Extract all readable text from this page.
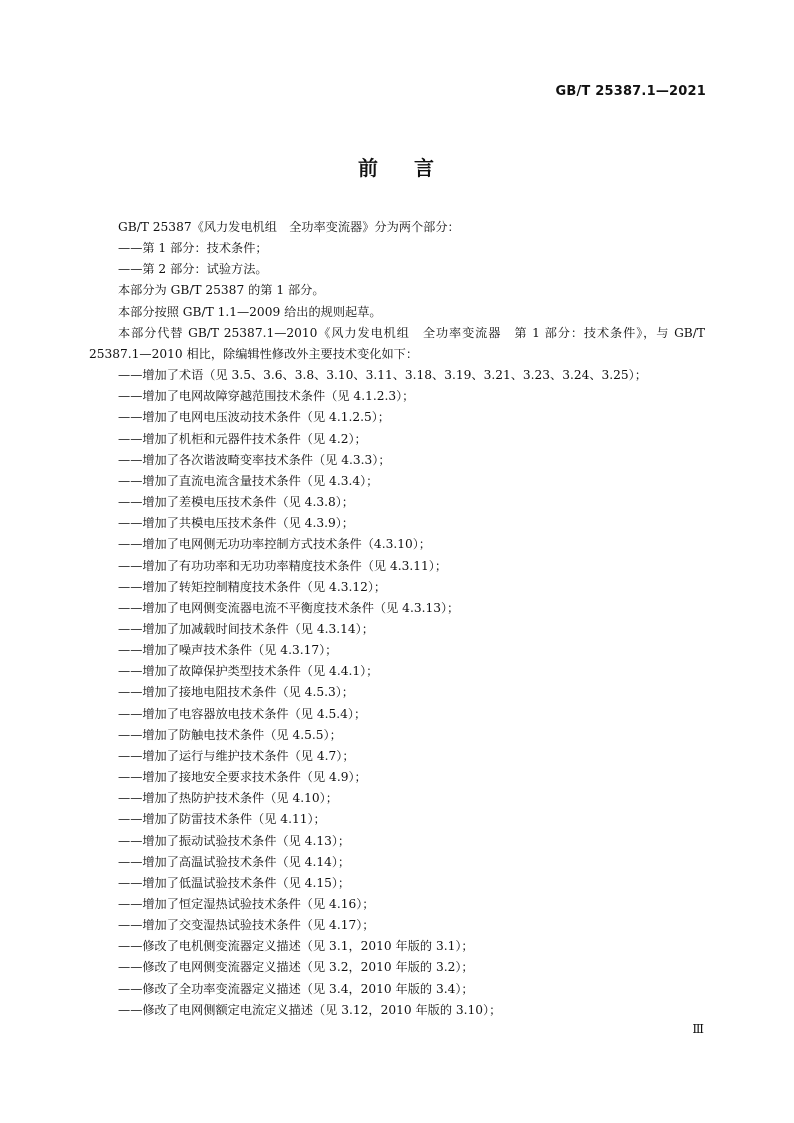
GB/T 25387.1—2021
前 言

GB/T 25387《风力发电机组　全功率变流器》分为两个部分：

——第 1 部分：技术条件；

——第 2 部分：试验方法。

本部分为 GB/T 25387 的第 1 部分。

本部分按照 GB/T 1.1—2009 给出的规则起草。

本部分代替 GB/T 25387.1—2010《风力发电机组　全功率变流器　第 1 部分：技术条件》，与 GB/T 25387.1—2010 相比，除编辑性修改外主要技术变化如下：

——增加了术语（见 3.5、3.6、3.8、3.10、3.11、3.18、3.19、3.21、3.23、3.24、3.25）；

——增加了电网故障穿越范围技术条件（见 4.1.2.3）；

——增加了电网电压波动技术条件（见 4.1.2.5）；

——增加了机柜和元器件技术条件（见 4.2）；

——增加了各次谐波畸变率技术条件（见 4.3.3）；

——增加了直流电流含量技术条件（见 4.3.4）；

——增加了差模电压技术条件（见 4.3.8）；

——增加了共模电压技术条件（见 4.3.9）；

——增加了电网侧无功功率控制方式技术条件（4.3.10）；

——增加了有功功率和无功功率精度技术条件（见 4.3.11）；

——增加了转矩控制精度技术条件（见 4.3.12）；

——增加了电网侧变流器电流不平衡度技术条件（见 4.3.13）；

——增加了加减载时间技术条件（见 4.3.14）；

——增加了噪声技术条件（见 4.3.17）；

——增加了故障保护类型技术条件（见 4.4.1）；

——增加了接地电阻技术条件（见 4.5.3）；

——增加了电容器放电技术条件（见 4.5.4）；

——增加了防触电技术条件（见 4.5.5）；

——增加了运行与维护技术条件（见 4.7）；

——增加了接地安全要求技术条件（见 4.9）；

——增加了热防护技术条件（见 4.10）；

——增加了防雷技术条件（见 4.11）；

——增加了振动试验技术条件（见 4.13）；

——增加了高温试验技术条件（见 4.14）；

——增加了低温试验技术条件（见 4.15）；

——增加了恒定湿热试验技术条件（见 4.16）；

——增加了交变湿热试验技术条件（见 4.17）；

——修改了电机侧变流器定义描述（见 3.1，2010 年版的 3.1）；

——修改了电网侧变流器定义描述（见 3.2，2010 年版的 3.2）；

——修改了全功率变流器定义描述（见 3.4，2010 年版的 3.4）；

——修改了电网侧额定电流定义描述（见 3.12，2010 年版的 3.10）；

Ⅲ
